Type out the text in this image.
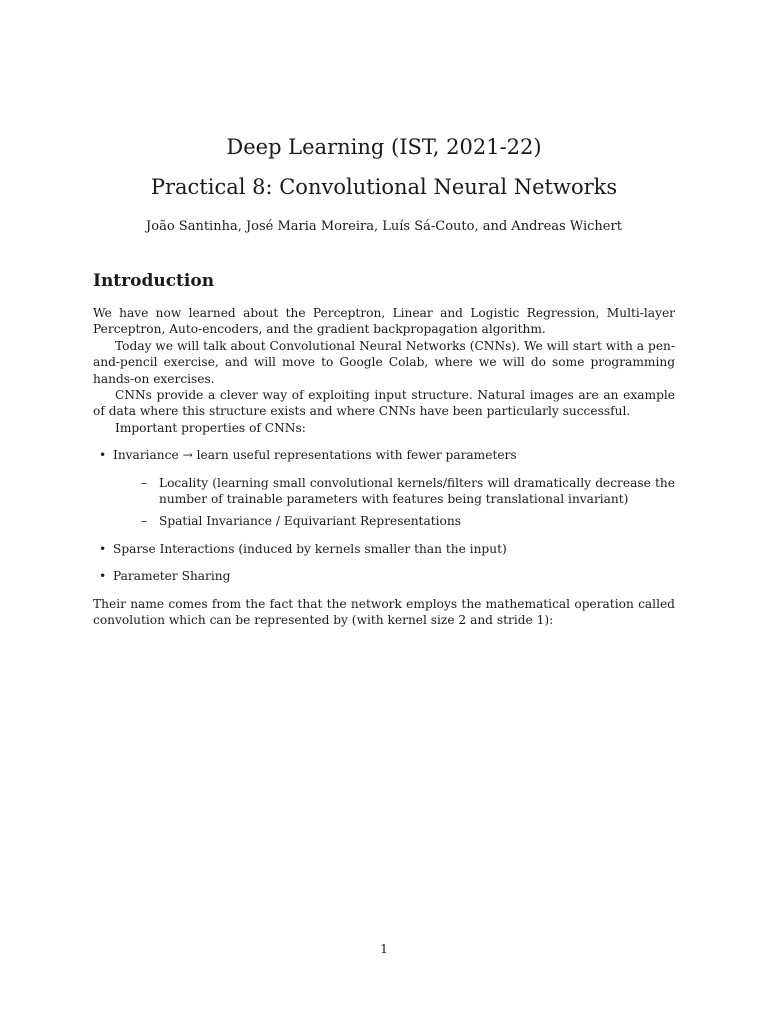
Deep Learning (IST, 2021-22)
Practical 8: Convolutional Neural Networks
João Santinha, José Maria Moreira, Luís Sá-Couto, and Andreas Wichert
Introduction

We have now learned about the Perceptron, Linear and Logistic Regression, Multi-layer Perceptron, Auto-encoders, and the gradient backpropagation algorithm.

Today we will talk about Convolutional Neural Networks (CNNs). We will start with a pen-and-pencil exercise, and will move to Google Colab, where we will do some programming hands-on exercises.

CNNs provide a clever way of exploiting input structure. Natural images are an example of data where this structure exists and where CNNs have been particularly successful.

Important properties of CNNs:

• Invariance → learn useful representations with fewer parameters
– Locality (learning small convolutional kernels/filters will dramatically decrease the number of trainable parameters with features being translational invariant)
– Spatial Invariance / Equivariant Representations
• Sparse Interactions (induced by kernels smaller than the input)
• Parameter Sharing

Their name comes from the fact that the network employs the mathematical operation called convolution which can be represented by (with kernel size 2 and stride 1):

1
